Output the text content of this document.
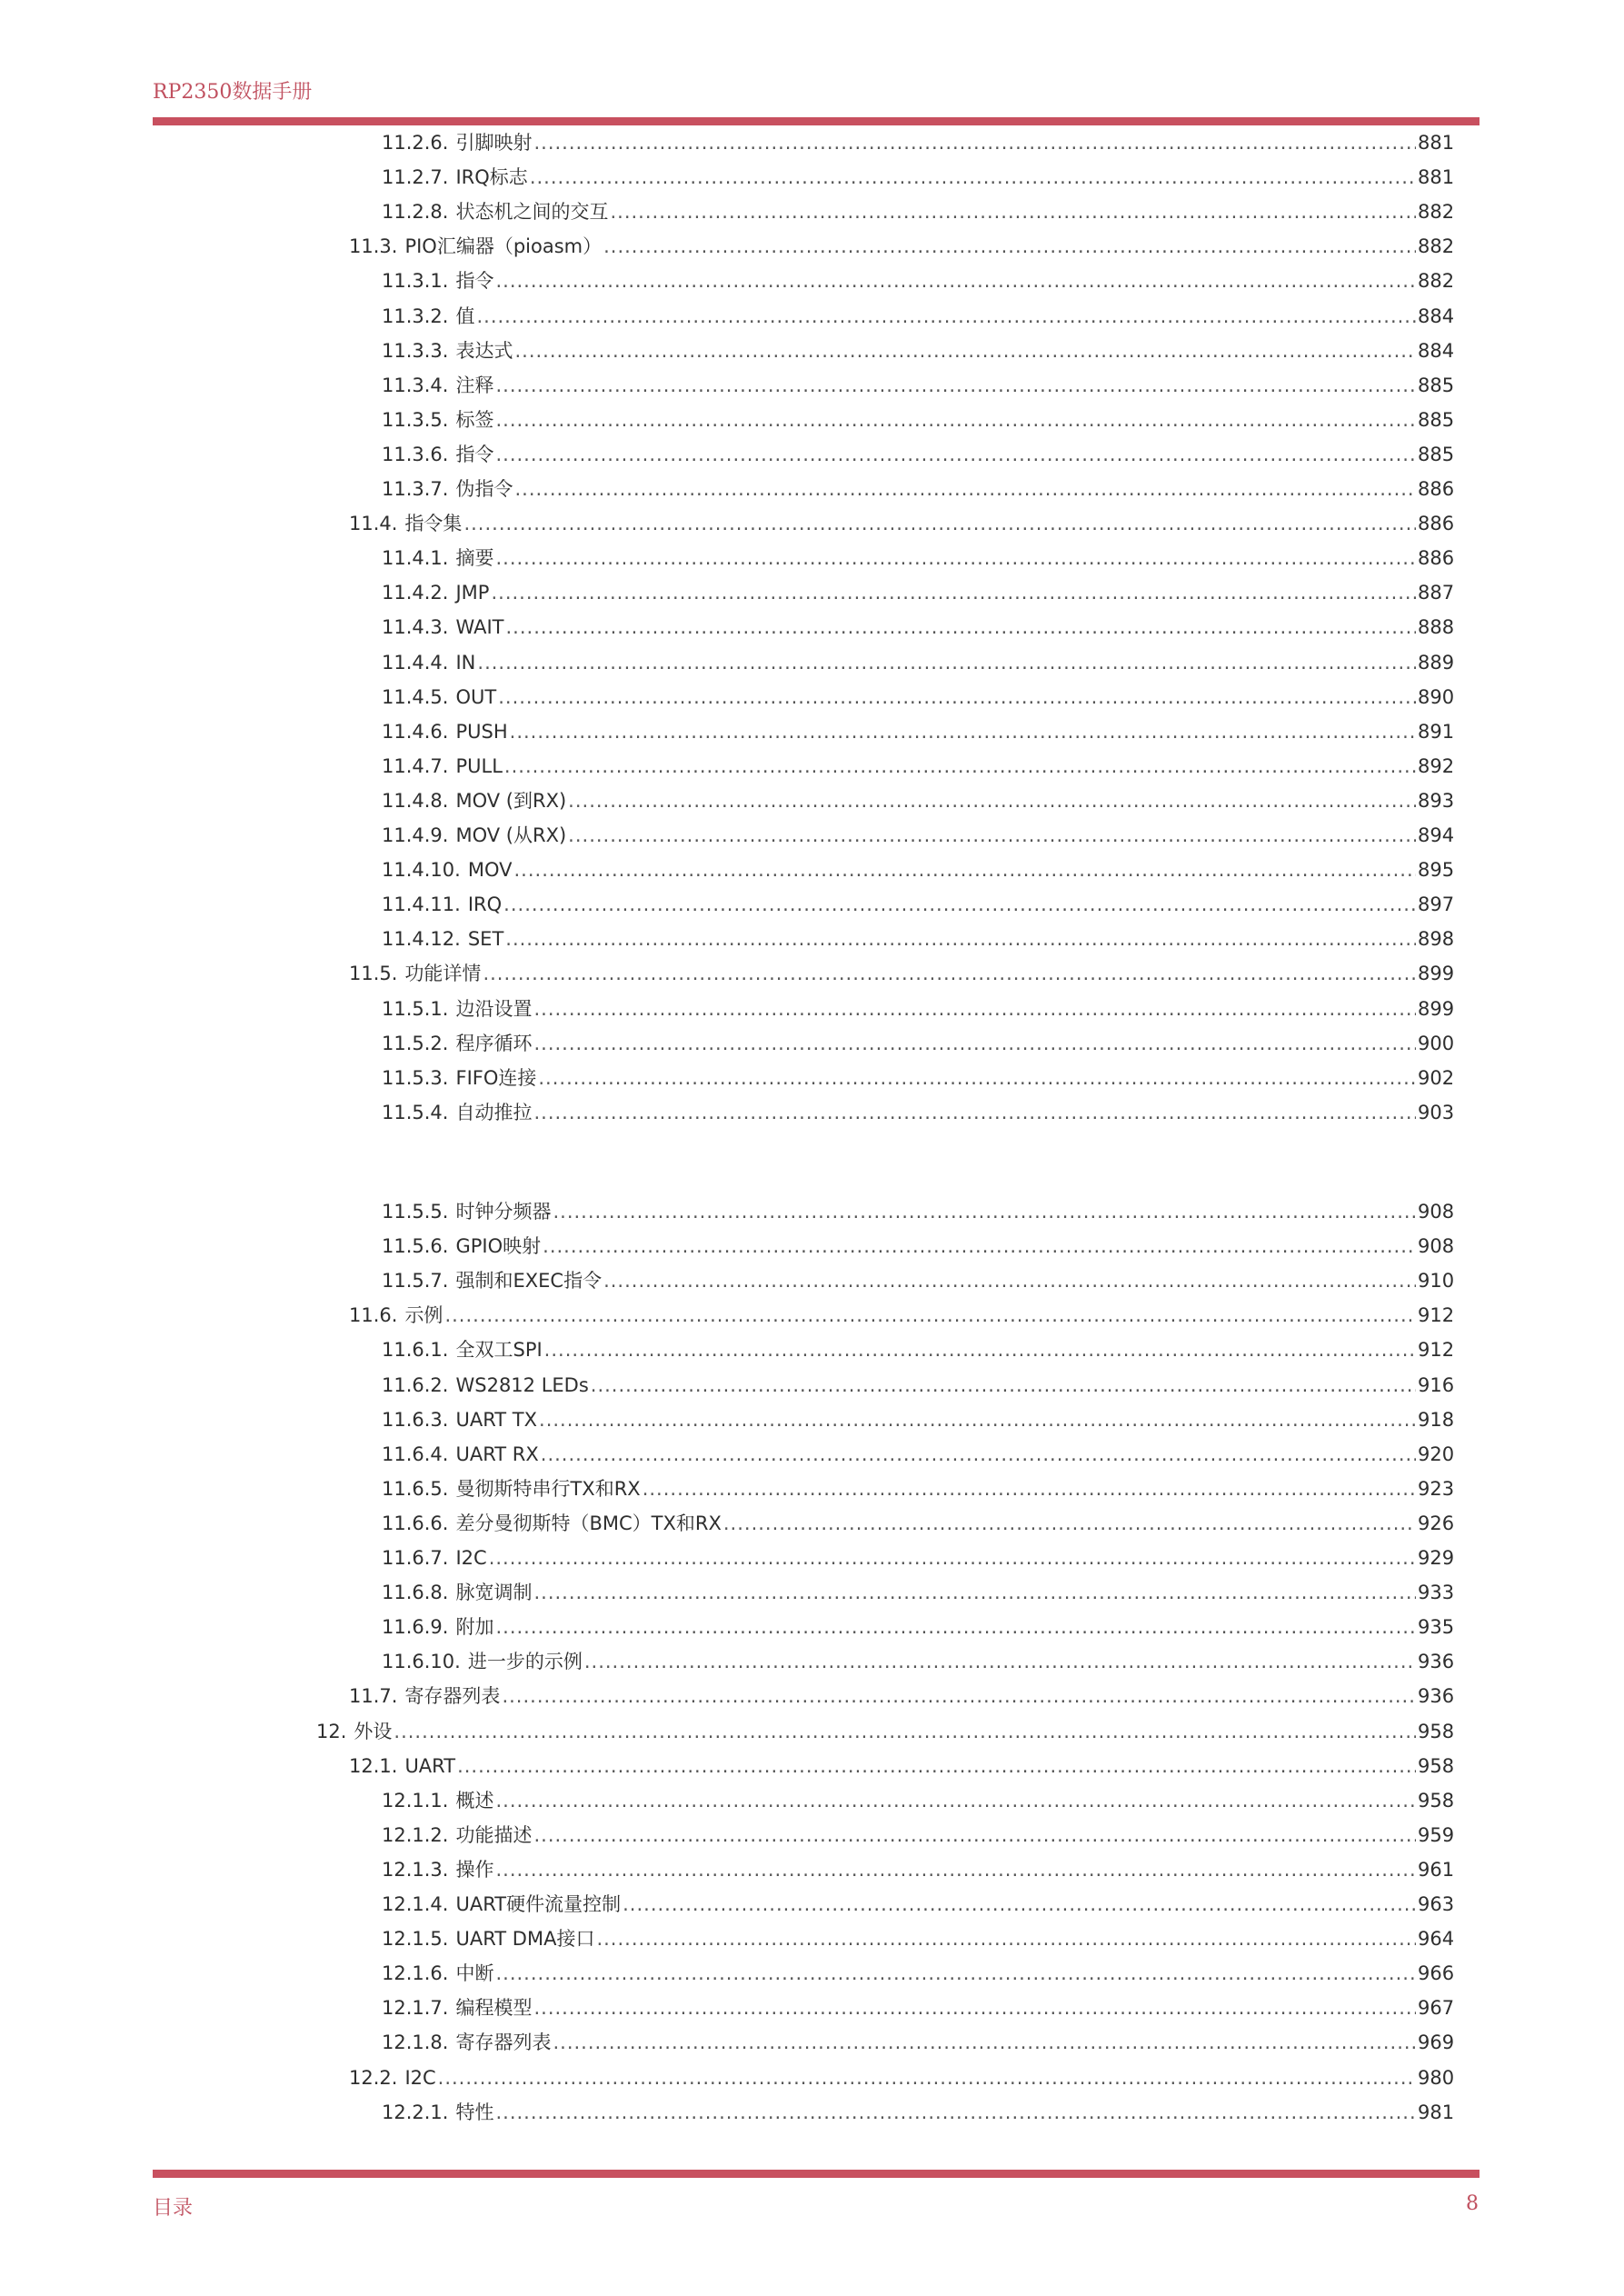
RP2350数据手册
11.2.6. 引脚映射 .....	881
11.2.7. IRQ标志 .....	881
11.2.8. 状态机之间的交互 .....	882
11.3. PIO汇编器（pioasm） .....	882
11.3.1. 指令 .....	882
11.3.2. 值 .....	884
11.3.3. 表达式 .....	884
11.3.4. 注释 .....	885
11.3.5. 标签 .....	885
11.3.6. 指令 .....	885
11.3.7. 伪指令 .....	886
11.4. 指令集 .....	886
11.4.1. 摘要 .....	886
11.4.2. JMP .....	887
11.4.3. WAIT .....	888
11.4.4. IN .....	889
11.4.5. OUT .....	890
11.4.6. PUSH .....	891
11.4.7. PULL .....	892
11.4.8. MOV (到RX) .....	893
11.4.9. MOV (从RX) .....	894
11.4.10. MOV .....	895
11.4.11. IRQ .....	897
11.4.12. SET .....	898
11.5. 功能详情 .....	899
11.5.1. 边沿设置 .....	899
11.5.2. 程序循环 .....	900
11.5.3. FIFO连接 .....	902
11.5.4. 自动推拉 .....	903
11.5.5. 时钟分频器 .....	908
11.5.6. GPIO映射 .....	908
11.5.7. 强制和EXEC指令 .....	910
11.6. 示例 .....	912
11.6.1. 全双工SPI .....	912
11.6.2. WS2812 LEDs .....	916
11.6.3. UART TX .....	918
11.6.4. UART RX .....	920
11.6.5. 曼彻斯特串行TX和RX .....	923
11.6.6. 差分曼彻斯特（BMC）TX和RX .....	926
11.6.7. I2C .....	929
11.6.8. 脉宽调制 .....	933
11.6.9. 附加 .....	935
11.6.10. 进一步的示例 .....	936
11.7. 寄存器列表 .....	936
12. 外设 .....	958
12.1. UART .....	958
12.1.1. 概述 .....	958
12.1.2. 功能描述 .....	959
12.1.3. 操作 .....	961
12.1.4. UART硬件流量控制 .....	963
12.1.5. UART DMA接口 .....	964
12.1.6. 中断 .....	966
12.1.7. 编程模型 .....	967
12.1.8. 寄存器列表 .....	969
12.2. I2C .....	980
12.2.1. 特性 .....	981
目录	8
